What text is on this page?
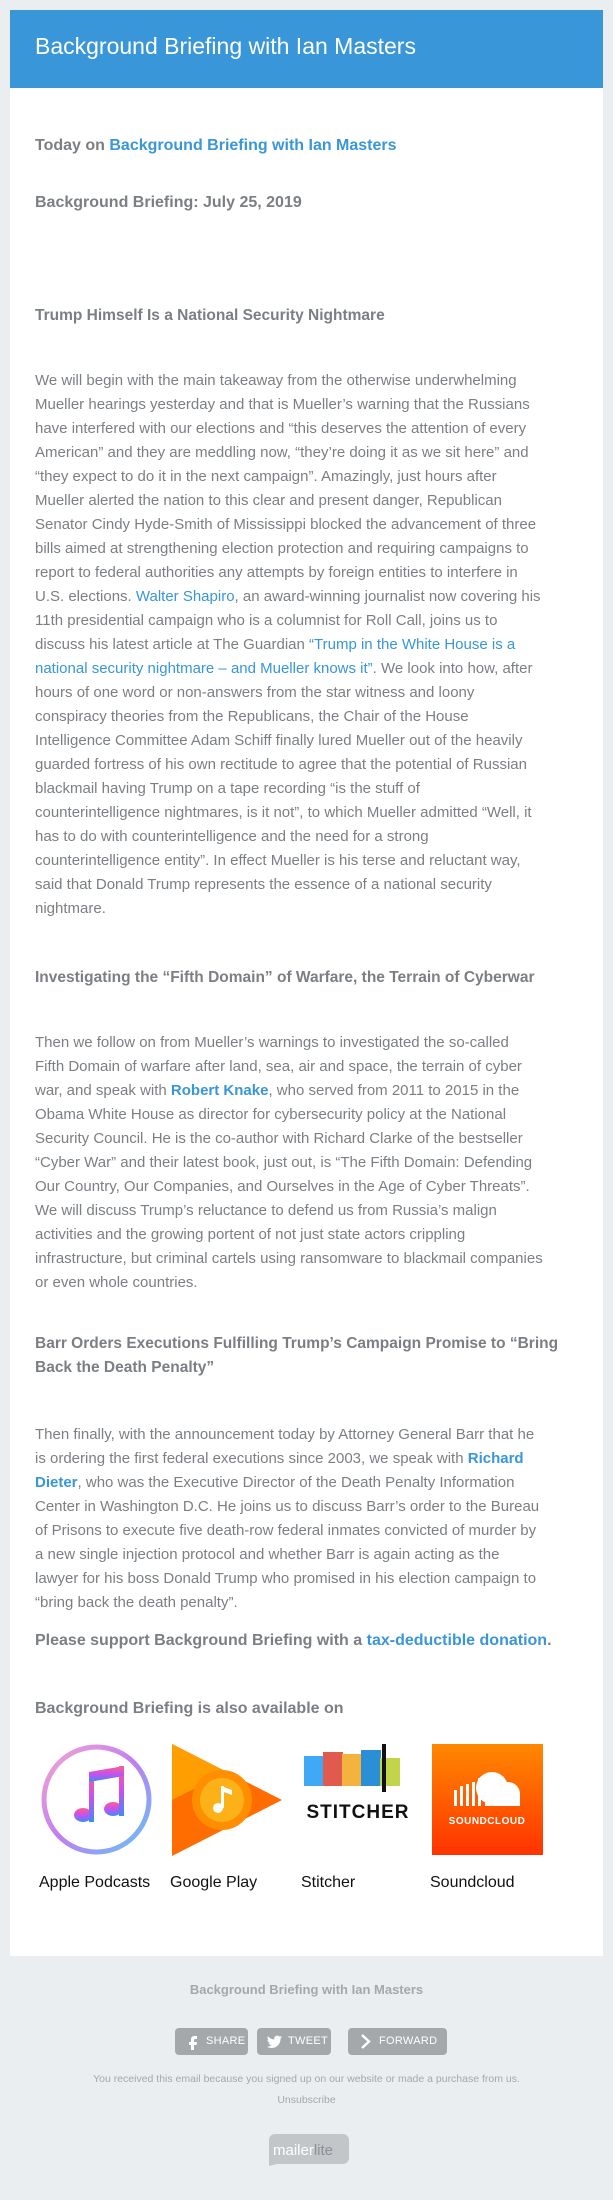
Background Briefing with Ian Masters
Today on Background Briefing with Ian Masters
Background Briefing: July 25, 2019
Trump Himself Is a National Security Nightmare
We will begin with the main takeaway from the otherwise underwhelming
Mueller hearings yesterday and that is Mueller’s warning that the Russians
have interfered with our elections and “this deserves the attention of every
American” and they are meddling now, “they’re doing it as we sit here” and
“they expect to do it in the next campaign”. Amazingly, just hours after
Mueller alerted the nation to this clear and present danger, Republican
Senator Cindy Hyde-Smith of Mississippi blocked the advancement of three
bills aimed at strengthening election protection and requiring campaigns to
report to federal authorities any attempts by foreign entities to interfere in
U.S. elections. Walter Shapiro, an award-winning journalist now covering his
11th presidential campaign who is a columnist for Roll Call, joins us to
discuss his latest article at The Guardian “Trump in the White House is a
national security nightmare – and Mueller knows it”. We look into how, after
hours of one word or non-answers from the star witness and loony
conspiracy theories from the Republicans, the Chair of the House
Intelligence Committee Adam Schiff finally lured Mueller out of the heavily
guarded fortress of his own rectitude to agree that the potential of Russian
blackmail having Trump on a tape recording “is the stuff of
counterintelligence nightmares, is it not”, to which Mueller admitted “Well, it
has to do with counterintelligence and the need for a strong
counterintelligence entity”. In effect Mueller is his terse and reluctant way,
said that Donald Trump represents the essence of a national security
nightmare.
Investigating the “Fifth Domain” of Warfare, the Terrain of Cyberwar
Then we follow on from Mueller’s warnings to investigated the so-called
Fifth Domain of warfare after land, sea, air and space, the terrain of cyber
war, and speak with Robert Knake, who served from 2011 to 2015 in the
Obama White House as director for cybersecurity policy at the National
Security Council. He is the co-author with Richard Clarke of the bestseller
“Cyber War” and their latest book, just out, is “The Fifth Domain: Defending
Our Country, Our Companies, and Ourselves in the Age of Cyber Threats”.
We will discuss Trump’s reluctance to defend us from Russia’s malign
activities and the growing portent of not just state actors crippling
infrastructure, but criminal cartels using ransomware to blackmail companies
or even whole countries.
Barr Orders Executions Fulfilling Trump’s Campaign Promise to “Bring
Back the Death Penalty”
Then finally, with the announcement today by Attorney General Barr that he
is ordering the first federal executions since 2003, we speak with Richard
Dieter, who was the Executive Director of the Death Penalty Information
Center in Washington D.C. He joins us to discuss Barr’s order to the Bureau
of Prisons to execute five death-row federal inmates convicted of murder by
a new single injection protocol and whether Barr is again acting as the
lawyer for his boss Donald Trump who promised in his election campaign to
“bring back the death penalty”.
Please support Background Briefing with a tax-deductible donation.
Background Briefing is also available on
Apple Podcasts Google Play
STITCHER
Stitcher
SOUNDCLOUD
Soundcloud
Background Briefing with Ian Masters
SHARE	TWEET	FORWARD
You received this email because you signed up on our website or made a purchase from us.
Unsubscribe
mailerlite
